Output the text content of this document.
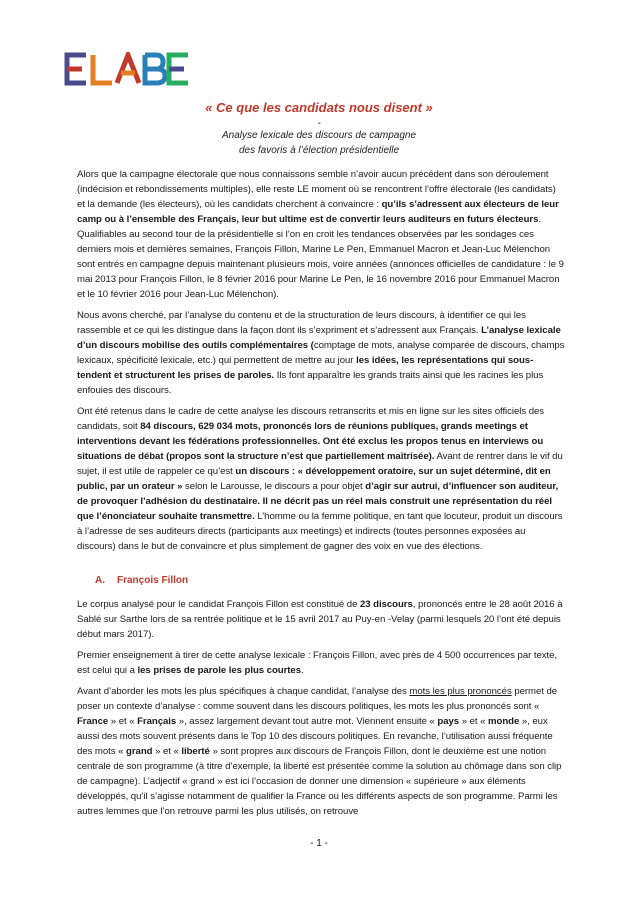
« Ce que les candidats nous disent »
-
Analyse lexicale des discours de campagne
des favoris à l’élection présidentielle

Alors que la campagne électorale que nous connaissons semble n’avoir aucun précédent dans son déroulement (indécision et rebondissements multiples), elle reste LE moment où se rencontrent l’offre électorale (les candidats) et la demande (les électeurs), où les candidats cherchent à convaincre : qu’ils s’adressent aux électeurs de leur camp ou à l’ensemble des Français, leur but ultime est de convertir leurs auditeurs en futurs électeurs. Qualifiables au second tour de la présidentielle si l’on en croit les tendances observées par les sondages ces derniers mois et dernières semaines, François Fillon, Marine Le Pen, Emmanuel Macron et Jean-Luc Mélenchon sont entrés en campagne depuis maintenant plusieurs mois, voire années (annonces officielles de candidature : le 9 mai 2013 pour François Fillon, le 8 février 2016 pour Marine Le Pen, le 16 novembre 2016 pour Emmanuel Macron et le 10 février 2016 pour Jean-Luc Mélenchon).

Nous avons cherché, par l’analyse du contenu et de la structuration de leurs discours, à identifier ce qui les rassemble et ce qui les distingue dans la façon dont ils s’expriment et s’adressent aux Français. L’analyse lexicale d’un discours mobilise des outils complémentaires (comptage de mots, analyse comparée de discours, champs lexicaux, spécificité lexicale, etc.) qui permettent de mettre au jour les idées, les représentations qui sous-tendent et structurent les prises de paroles. Ils font apparaître les grands traits ainsi que les racines les plus enfouies des discours.

Ont été retenus dans le cadre de cette analyse les discours retranscrits et mis en ligne sur les sites officiels des candidats, soit 84 discours, 629 034 mots, prononcés lors de réunions publiques, grands meetings et interventions devant les fédérations professionnelles. Ont été exclus les propos tenus en interviews ou situations de débat (propos sont la structure n’est que partiellement maîtrisée). Avant de rentrer dans le vif du sujet, il est utile de rappeler ce qu’est un discours : « développement oratoire, sur un sujet déterminé, dit en public, par un orateur » selon le Larousse, le discours a pour objet d’agir sur autrui, d’influencer son auditeur, de provoquer l’adhésion du destinataire. Il ne décrit pas un réel mais construit une représentation du réel que l’énonciateur souhaite transmettre. L’homme ou la femme politique, en tant que locuteur, produit un discours à l’adresse de ses auditeurs directs (participants aux meetings) et indirects (toutes personnes exposées au discours) dans le but de convaincre et plus simplement de gagner des voix en vue des élections.

A. François Fillon

Le corpus analysé pour le candidat François Fillon est constitué de 23 discours, prononcés entre le 28 août 2016 à Sablé sur Sarthe lors de sa rentrée politique et le 15 avril 2017 au Puy-en -Velay (parmi lesquels 20 l’ont été depuis début mars 2017).

Premier enseignement à tirer de cette analyse lexicale : François Fillon, avec près de 4 500 occurrences par texte, est celui qui a les prises de parole les plus courtes.

Avant d’aborder les mots les plus spécifiques à chaque candidat, l’analyse des mots les plus prononcés permet de poser un contexte d’analyse : comme souvent dans les discours politiques, les mots les plus prononcés sont « France » et « Français », assez largement devant tout autre mot. Viennent ensuite « pays » et « monde », eux aussi des mots souvent présents dans le Top 10 des discours politiques. En revanche, l’utilisation aussi fréquente des mots « grand » et « liberté » sont propres aux discours de François Fillon, dont le deuxième est une notion centrale de son programme (à titre d’exemple, la liberté est présentée comme la solution au chômage dans son clip de campagne). L’adjectif « grand » est ici l’occasion de donner une dimension « supérieure » aux éléments développés, qu’il s’agisse notamment de qualifier la France ou les différents aspects de son programme. Parmi les autres lemmes que l’on retrouve parmi les plus utilisés, on retrouve

- 1 -
